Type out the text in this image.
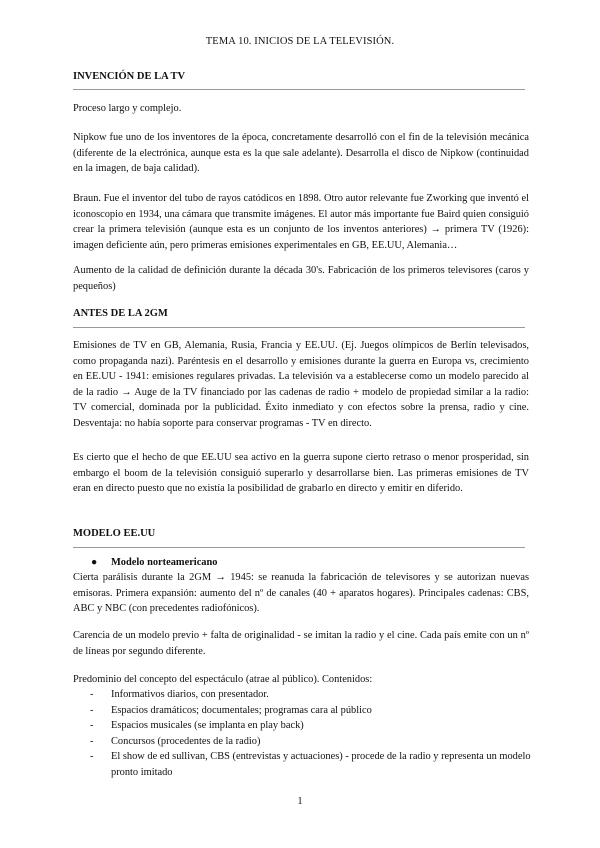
TEMA 10. INICIOS DE LA TELEVISIÓN.
INVENCIÓN DE LA TV
Proceso largo y complejo.
Nipkow fue uno de los inventores de la época, concretamente desarrolló con el fin de la televisión mecánica (diferente de la electrónica, aunque esta es la que sale adelante). Desarrolla el disco de Nipkow (continuidad en la imagen, de baja calidad).
Braun. Fue el inventor del tubo de rayos catódicos en 1898. Otro autor relevante fue Zworking que inventó el iconoscopio en 1934, una cámara que transmite imágenes. El autor más importante fue Baird quien consiguió crear la primera televisión (aunque esta es un conjunto de los inventos anteriores) → primera TV (1926): imagen deficiente aún, pero primeras emisiones experimentales en GB, EE.UU, Alemania…
Aumento de la calidad de definición durante la década 30's. Fabricación de los primeros televisores (caros y pequeños)
ANTES DE LA 2GM
Emisiones de TV en GB, Alemania, Rusia, Francia y EE.UU. (Ej. Juegos olímpicos de Berlín televisados, como propaganda nazi). Paréntesis en el desarrollo y emisiones durante la guerra en Europa vs, crecimiento en EE.UU - 1941: emisiones regulares privadas. La televisión va a establecerse como un modelo parecido al de la radio → Auge de la TV financiado por las cadenas de radio + modelo de propiedad similar a la radio: TV comercial, dominada por la publicidad. Éxito inmediato y con efectos sobre la prensa, radio y cine. Desventaja: no había soporte para conservar programas - TV en directo.
Es cierto que el hecho de que EE.UU sea activo en la guerra supone cierto retraso o menor prosperidad, sin embargo el boom de la televisión consiguió superarlo y desarrollarse bien. Las primeras emisiones de TV eran en directo puesto que no existía la posibilidad de grabarlo en directo y emitir en diferido.
MODELO EE.UU
● Modelo norteamericano
Cierta parálisis durante la 2GM → 1945: se reanuda la fabricación de televisores y se autorizan nuevas emisoras. Primera expansión: aumento del nº de canales (40 + aparatos hogares). Principales cadenas: CBS, ABC y NBC (con precedentes radiofónicos).
Carencia de un modelo previo + falta de originalidad - se imitan la radio y el cine. Cada país emite con un nº de líneas por segundo diferente.
Predominio del concepto del espectáculo (atrae al público). Contenidos:
- Informativos diarios, con presentador.
- Espacios dramáticos; documentales; programas cara al público
- Espacios musicales (se implanta en play back)
- Concursos (procedentes de la radio)
- El show de ed sullivan, CBS (entrevistas y actuaciones) - procede de la radio y representa un modelo pronto imitado
1
